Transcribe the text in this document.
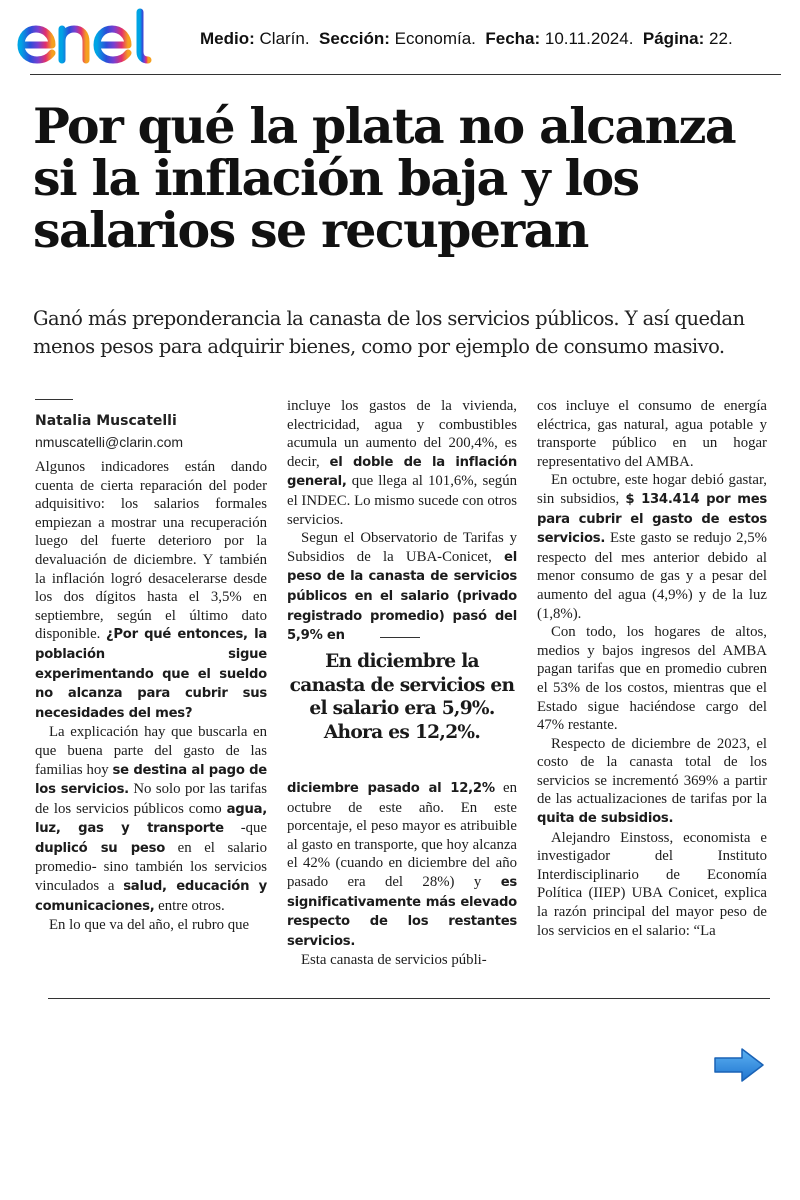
Medio: Clarín. Sección: Economía. Fecha: 10.11.2024. Página: 22.
Por qué la plata no alcanza si la inflación baja y los salarios se recuperan

Ganó más preponderancia la canasta de los servicios públicos. Y así quedan menos pesos para adquirir bienes, como por ejemplo de consumo masivo.

Natalia Muscatelli

nmuscatelli@clarin.com

Algunos indicadores están dando cuenta de cierta reparación del poder adquisitivo: los salarios formales empiezan a mostrar una recuperación luego del fuerte deterioro por la devaluación de diciembre. Y también la inflación logró desacelerarse desde los dos dígitos hasta el 3,5% en septiembre, según el último dato disponible. ¿Por qué entonces, la población sigue experimentando que el sueldo no alcanza para cubrir sus necesidades del mes?

La explicación hay que buscarla en que buena parte del gasto de las familias hoy se destina al pago de los servicios. No solo por las tarifas de los servicios públicos como agua, luz, gas y transporte -que duplicó su peso en el salario promedio- sino también los servicios vinculados a salud, educación y comunicaciones, entre otros.

En lo que va del año, el rubro que

incluye los gastos de la vivienda, electricidad, agua y combustibles acumula un aumento del 200,4%, es decir, el doble de la inflación general, que llega al 101,6%, según el INDEC. Lo mismo sucede con otros servicios.

Segun el Observatorio de Tarifas y Subsidios de la UBA-Conicet, el peso de la canasta de servicios públicos en el salario (privado registrado promedio) pasó del 5,9% en

En diciembre la canasta de servicios en el salario era 5,9%. Ahora es 12,2%.

diciembre pasado al 12,2% en octubre de este año. En este porcentaje, el peso mayor es atribuible al gasto en transporte, que hoy alcanza el 42% (cuando en diciembre del año pasado era del 28%) y es significativamente más elevado respecto de los restantes servicios.

Esta canasta de servicios públi-

cos incluye el consumo de energía eléctrica, gas natural, agua potable y transporte público en un hogar representativo del AMBA.

En octubre, este hogar debió gastar, sin subsidios, $ 134.414 por mes para cubrir el gasto de estos servicios. Este gasto se redujo 2,5% respecto del mes anterior debido al menor consumo de gas y a pesar del aumento del agua (4,9%) y de la luz (1,8%).

Con todo, los hogares de altos, medios y bajos ingresos del AMBA pagan tarifas que en promedio cubren el 53% de los costos, mientras que el Estado sigue haciéndose cargo del 47% restante.

Respecto de diciembre de 2023, el costo de la canasta total de los servicios se incrementó 369% a partir de las actualizaciones de tarifas por la quita de subsidios.

Alejandro Einstoss, economista e investigador del Instituto Interdisciplinario de Economía Política (IIEP) UBA Conicet, explica la razón principal del mayor peso de los servicios en el salario: “La
